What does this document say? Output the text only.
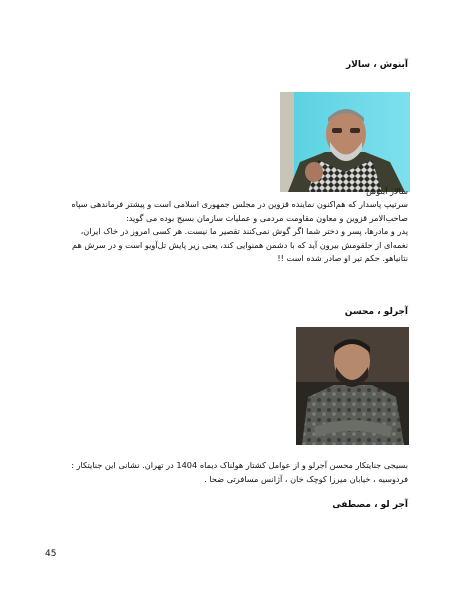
آبنوش ، سالار
سالار آبنوش
سرتیپ پاسدار که هم‌اکنون نماینده قزوین در مجلس جمهوری اسلامی است و پیشتر فرماندهی سپاه
صاحب‌الامر قزوین و معاون مقاومت مردمی و عملیات سازمان بسیج بوده می گوید:
پدر و مادرها، پسر و دختر شما اگر گوش نمی‌کنند تقصیر ما نیست. هر کسی امروز در خاک ایران،
نغمه‌ای از حلقومش بیرون آید که با دشمن همنوایی کند، یعنی زیر پایش تل‌آویو است و در سرش هم
نتانیاهو. حکم تیر او صادر شده است !!
آجرلو ، محسن
بسیجی جنایتکار محسن آجرلو و از عوامل کشتار هولناک دیماه 1404 در تهران. نشانی این جنایتکار :
فردوسیه ، خیابان میرزا کوچک خان ، آژانس مسافرتی ضحا .
آجر لو ، مصطفی
45
